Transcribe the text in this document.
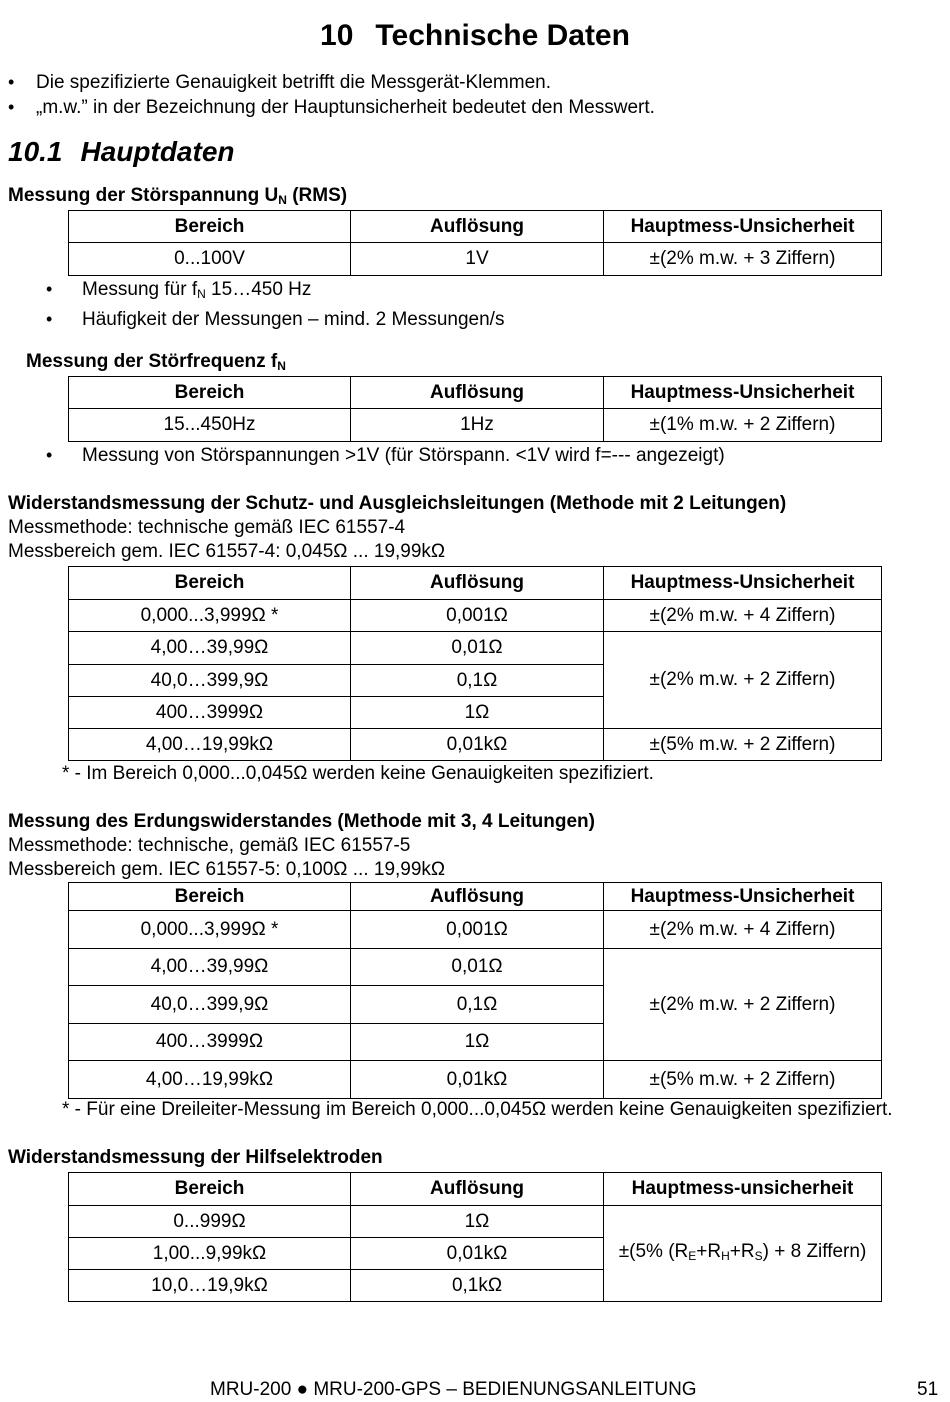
10 Technische Daten
• Die spezifizierte Genauigkeit betrifft die Messgerät-Klemmen.
• „m.w.” in der Bezeichnung der Hauptunsicherheit bedeutet den Messwert.
10.1 Hauptdaten
Messung der Störspannung $U_N$ (RMS)
Bereich	Auflösung	Hauptmess-Unsicherheit
0...100V	1V	±(2% m.w. + 3 Ziffern)
• Messung für $f_N$ 15…450 Hz
• Häufigkeit der Messungen – mind. 2 Messungen/s
Messung der Störfrequenz $f_N$
Bereich	Auflösung	Hauptmess-Unsicherheit
15...450Hz	1Hz	±(1% m.w. + 2 Ziffern)
• Messung von Störspannungen >1V (für Störspann. <1V wird f=--- angezeigt)
Widerstandsmessung der Schutz- und Ausgleichsleitungen (Methode mit 2 Leitungen)
Messmethode: technische gemäß IEC 61557-4
Messbereich gem. IEC 61557-4: 0,045Ω ... 19,99kΩ
Bereich	Auflösung	Hauptmess-Unsicherheit
0,000...3,999Ω *	0,001Ω	±(2% m.w. + 4 Ziffern)
4,00…39,99Ω	0,01Ω	±(2% m.w. + 2 Ziffern)
40,0…399,9Ω	0,1Ω	
400…3999Ω	1Ω	
4,00…19,99kΩ	0,01kΩ	±(5% m.w. + 2 Ziffern)
* - Im Bereich 0,000...0,045Ω werden keine Genauigkeiten spezifiziert.
Messung des Erdungswiderstandes (Methode mit 3, 4 Leitungen)
Messmethode: technische, gemäß IEC 61557-5
Messbereich gem. IEC 61557-5: 0,100Ω ... 19,99kΩ
Bereich	Auflösung	Hauptmess-Unsicherheit
0,000...3,999Ω *	0,001Ω	±(2% m.w. + 4 Ziffern)
4,00…39,99Ω	0,01Ω	±(2% m.w. + 2 Ziffern)
40,0…399,9Ω	0,1Ω	
400…3999Ω	1Ω	
4,00…19,99kΩ	0,01kΩ	±(5% m.w. + 2 Ziffern)
* - Für eine Dreileiter-Messung im Bereich 0,000...0,045Ω werden keine Genauigkeiten spezifiziert.
Widerstandsmessung der Hilfselektroden
Bereich	Auflösung	Hauptmess-unsicherheit
0...999Ω	1Ω	±(5% $(R_E+R_H+R_S) + 8$ Ziffern)
1,00...9,99kΩ	0,01kΩ	
10,0…19,9kΩ	0,1kΩ	
MRU-200 ● MRU-200-GPS – BEDIENUNGSANLEITUNG	51
